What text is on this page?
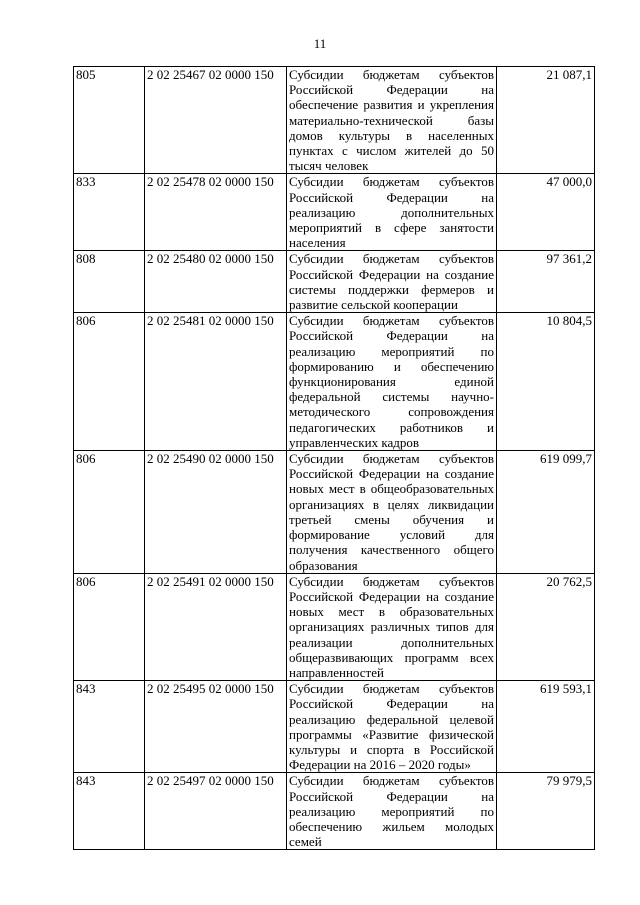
11
805	2 02 25467 02 0000 150	Субсидии бюджетам субъектов Российской Федерации на обеспечение развития и укрепления материально-технической базы домов культуры в населенных пунктах с числом жителей до 50 тысяч человек	21 087,1
833	2 02 25478 02 0000 150	Субсидии бюджетам субъектов Российской Федерации на реализацию дополнительных мероприятий в сфере занятости населения	47 000,0
808	2 02 25480 02 0000 150	Субсидии бюджетам субъектов Российской Федерации на создание системы поддержки фермеров и развитие сельской кооперации	97 361,2
806	2 02 25481 02 0000 150	Субсидии бюджетам субъектов Российской Федерации на реализацию мероприятий по формированию и обеспечению функционирования единой федеральной системы научно-методического сопровождения педагогических работников и управленческих кадров	10 804,5
806	2 02 25490 02 0000 150	Субсидии бюджетам субъектов Российской Федерации на создание новых мест в общеобразовательных организациях в целях ликвидации третьей смены обучения и формирование условий для получения качественного общего образования	619 099,7
806	2 02 25491 02 0000 150	Субсидии бюджетам субъектов Российской Федерации на создание новых мест в образовательных организациях различных типов для реализации дополнительных общеразвивающих программ всех направленностей	20 762,5
843	2 02 25495 02 0000 150	Субсидии бюджетам субъектов Российской Федерации на реализацию федеральной целевой программы «Развитие физической культуры и спорта в Российской Федерации на 2016 – 2020 годы»	619 593,1
843	2 02 25497 02 0000 150	Субсидии бюджетам субъектов Российской Федерации на реализацию мероприятий по обеспечению жильем молодых семей	79 979,5
